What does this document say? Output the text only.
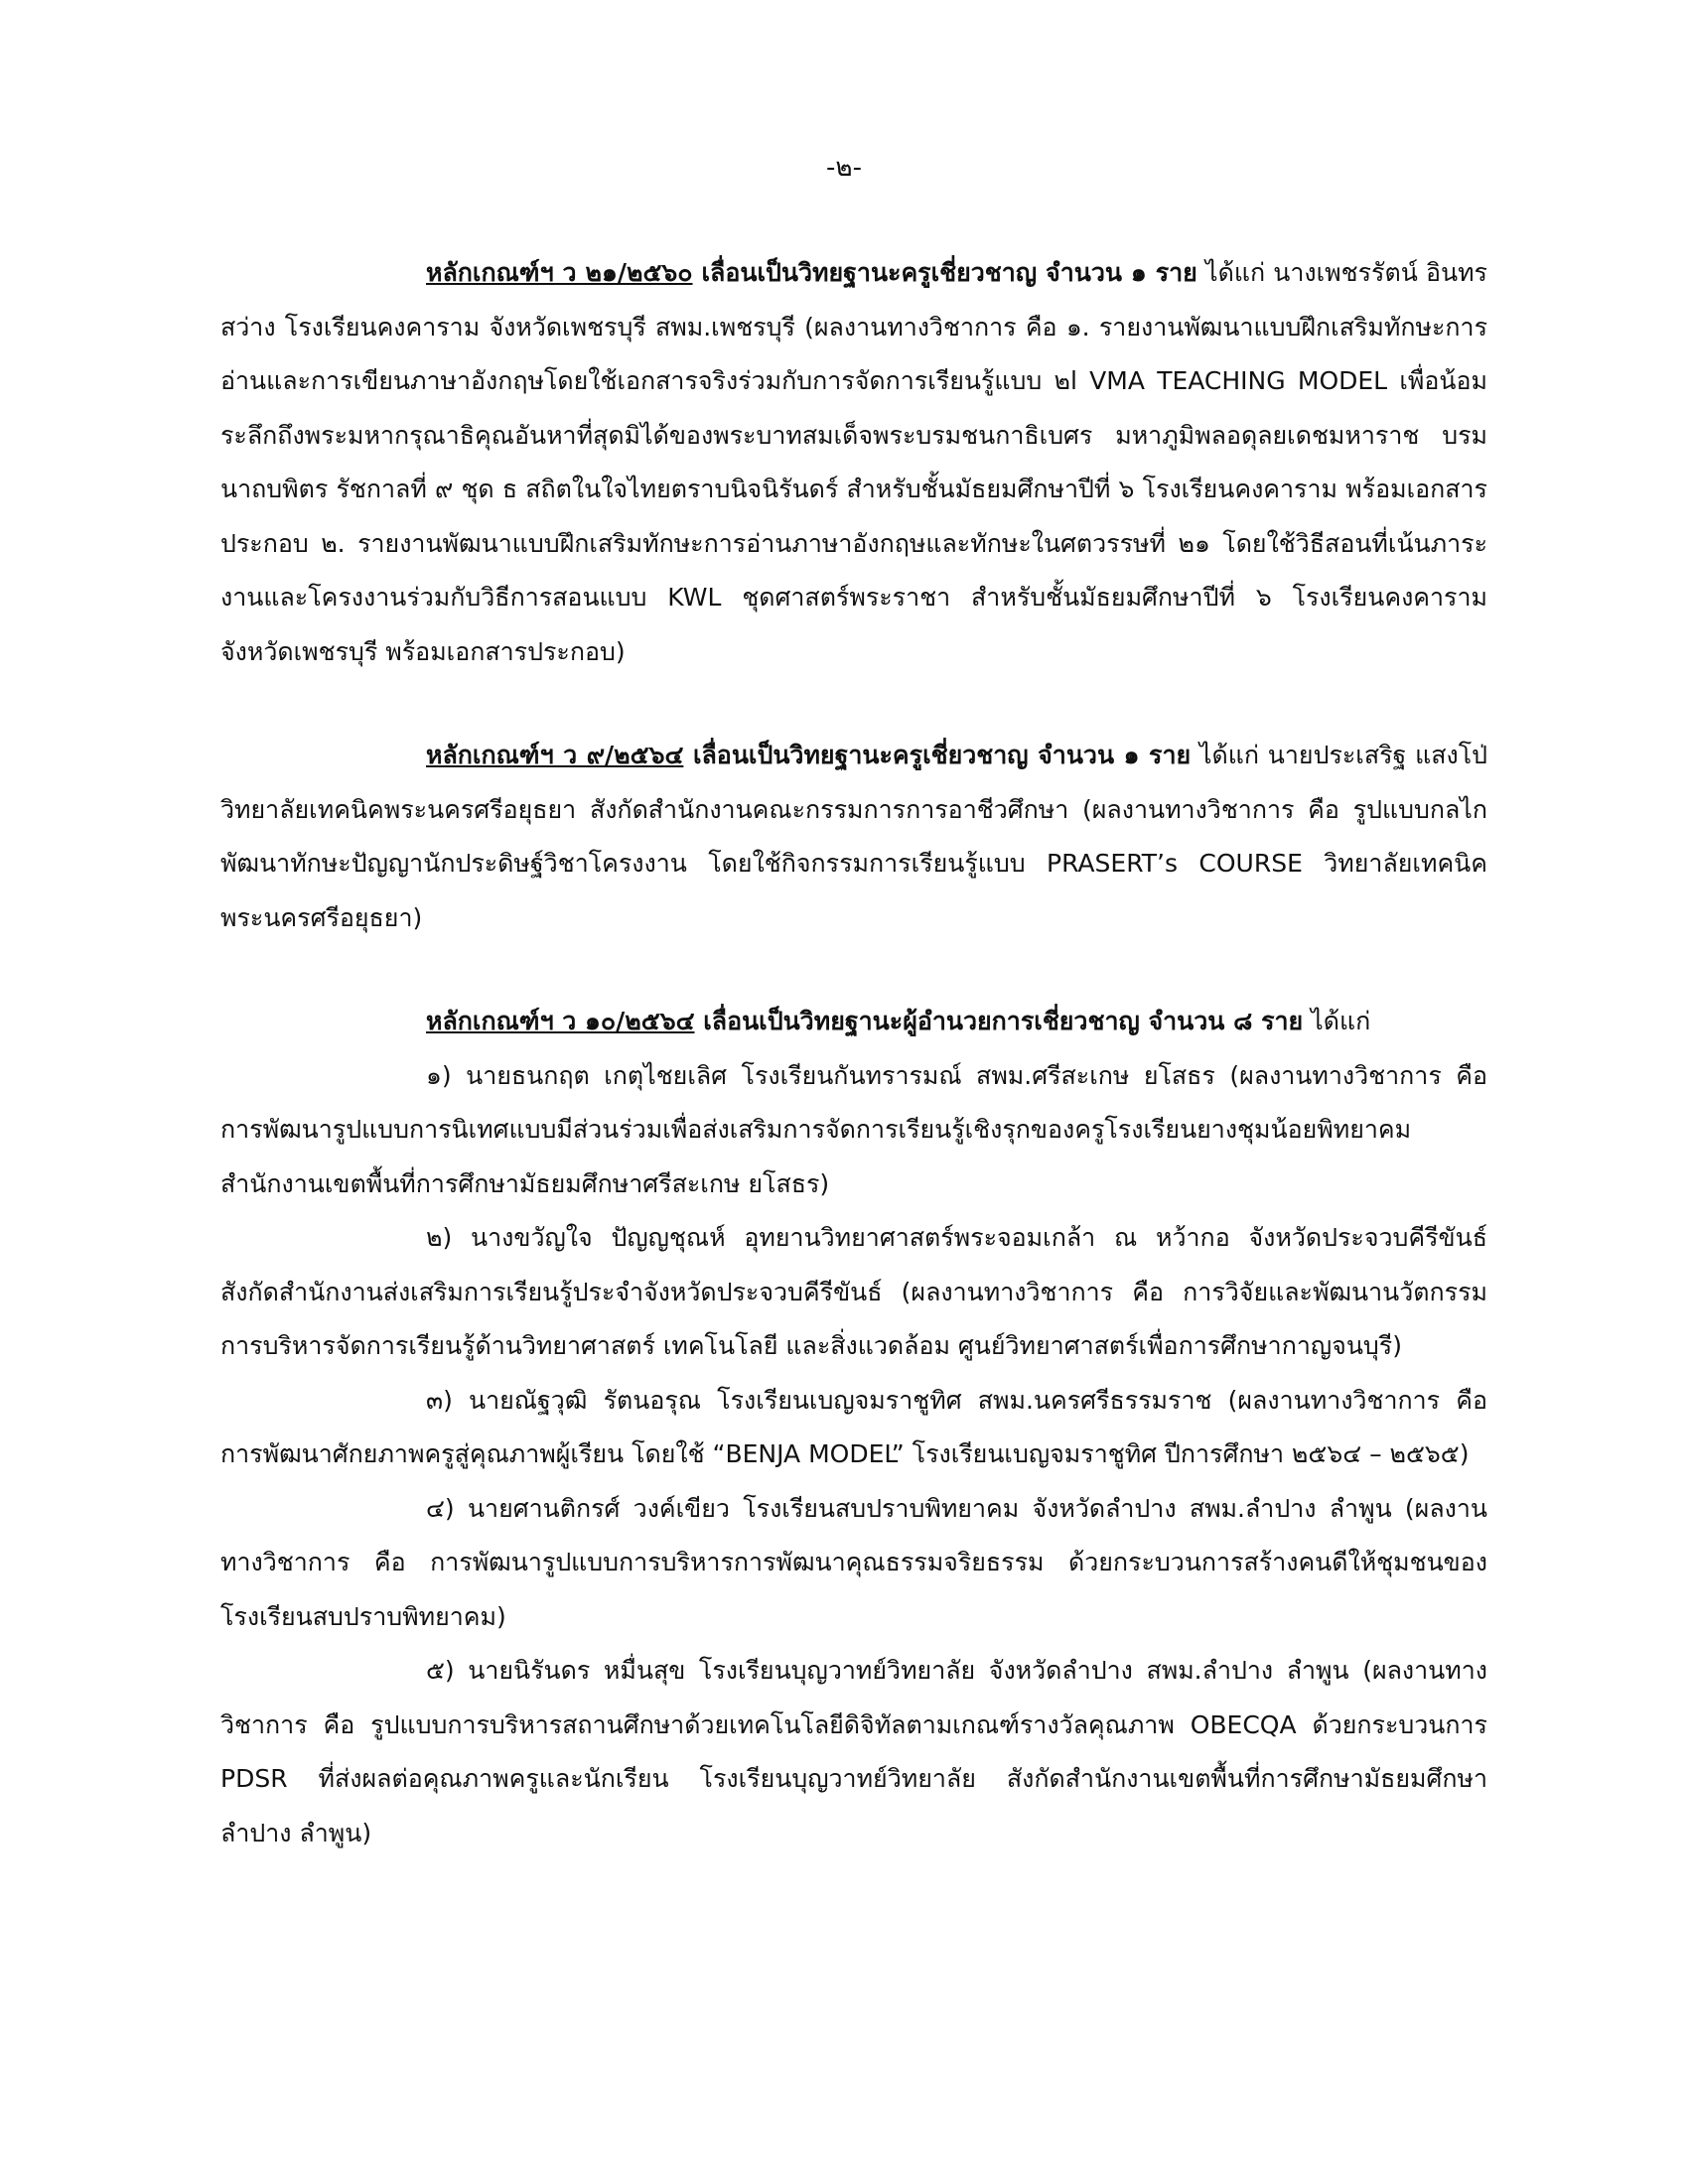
-๒-

หลักเกณฑ์ฯ ว ๒๑/๒๕๖๐ เลื่อนเป็นวิทยฐานะครูเชี่ยวชาญ จำนวน ๑ ราย ได้แก่ นางเพชรรัตน์ อินทรสว่าง โรงเรียนคงคาราม จังหวัดเพชรบุรี สพม.เพชรบุรี (ผลงานทางวิชาการ คือ ๑. รายงานพัฒนาแบบฝึกเสริมทักษะการอ่านและการเขียนภาษาอังกฤษโดยใช้เอกสารจริงร่วมกับการจัดการเรียนรู้แบบ ๒l VMA TEACHING MODEL เพื่อน้อมระลึกถึงพระมหากรุณาธิคุณอันหาที่สุดมิได้ของพระบาทสมเด็จพระบรมชนกาธิเบศร มหาภูมิพลอดุลยเดชมหาราช บรมนาถบพิตร รัชกาลที่ ๙ ชุด ธ สถิตในใจไทยตราบนิจนิรันดร์ สำหรับชั้นมัธยมศึกษาปีที่ ๖ โรงเรียนคงคาราม พร้อมเอกสารประกอบ ๒. รายงานพัฒนาแบบฝึกเสริมทักษะการอ่านภาษาอังกฤษและทักษะในศตวรรษที่ ๒๑ โดยใช้วิธีสอนที่เน้นภาระงานและโครงงานร่วมกับวิธีการสอนแบบ KWL ชุดศาสตร์พระราชา สำหรับชั้นมัธยมศึกษาปีที่ ๖ โรงเรียนคงคาราม จังหวัดเพชรบุรี พร้อมเอกสารประกอบ)

หลักเกณฑ์ฯ ว ๙/๒๕๖๔ เลื่อนเป็นวิทยฐานะครูเชี่ยวชาญ จำนวน ๑ ราย ได้แก่ นายประเสริฐ แสงโป่ วิทยาลัยเทคนิคพระนครศรีอยุธยา สังกัดสำนักงานคณะกรรมการการอาชีวศึกษา (ผลงานทางวิชาการ คือ รูปแบบกลไกพัฒนาทักษะปัญญานักประดิษฐ์วิชาโครงงาน โดยใช้กิจกรรมการเรียนรู้แบบ PRASERT’s COURSE วิทยาลัยเทคนิคพระนครศรีอยุธยา)

หลักเกณฑ์ฯ ว ๑๐/๒๕๖๔ เลื่อนเป็นวิทยฐานะผู้อำนวยการเชี่ยวชาญ จำนวน ๘ ราย ได้แก่

๑) นายธนกฤต เกตุไชยเลิศ โรงเรียนกันทรารมณ์ สพม.ศรีสะเกษ ยโสธร (ผลงานทางวิชาการ คือ การพัฒนารูปแบบการนิเทศแบบมีส่วนร่วมเพื่อส่งเสริมการจัดการเรียนรู้เชิงรุกของครูโรงเรียนยางชุมน้อยพิทยาคม สำนักงานเขตพื้นที่การศึกษามัธยมศึกษาศรีสะเกษ ยโสธร)

๒) นางขวัญใจ ปัญญชุณห์ อุทยานวิทยาศาสตร์พระจอมเกล้า ณ หว้ากอ จังหวัดประจวบคีรีขันธ์ สังกัดสำนักงานส่งเสริมการเรียนรู้ประจำจังหวัดประจวบคีรีขันธ์ (ผลงานทางวิชาการ คือ การวิจัยและพัฒนานวัตกรรมการบริหารจัดการเรียนรู้ด้านวิทยาศาสตร์ เทคโนโลยี และสิ่งแวดล้อม ศูนย์วิทยาศาสตร์เพื่อการศึกษากาญจนบุรี)

๓) นายณัฐวุฒิ รัตนอรุณ โรงเรียนเบญจมราชูทิศ สพม.นครศรีธรรมราช (ผลงานทางวิชาการ คือ การพัฒนาศักยภาพครูสู่คุณภาพผู้เรียน โดยใช้ “BENJA MODEL” โรงเรียนเบญจมราชูทิศ ปีการศึกษา ๒๕๖๔ – ๒๕๖๕)

๔) นายศานติกรศ์ วงค์เขียว โรงเรียนสบปราบพิทยาคม จังหวัดลำปาง สพม.ลำปาง ลำพูน (ผลงานทางวิชาการ คือ การพัฒนารูปแบบการบริหารการพัฒนาคุณธรรมจริยธรรม ด้วยกระบวนการสร้างคนดีให้ชุมชนของโรงเรียนสบปราบพิทยาคม)

๕) นายนิรันดร หมื่นสุข โรงเรียนบุญวาทย์วิทยาลัย จังหวัดลำปาง สพม.ลำปาง ลำพูน (ผลงานทางวิชาการ คือ รูปแบบการบริหารสถานศึกษาด้วยเทคโนโลยีดิจิทัลตามเกณฑ์รางวัลคุณภาพ OBECQA ด้วยกระบวนการ PDSR ที่ส่งผลต่อคุณภาพครูและนักเรียน โรงเรียนบุญวาทย์วิทยาลัย สังกัดสำนักงานเขตพื้นที่การศึกษามัธยมศึกษาลำปาง ลำพูน)
